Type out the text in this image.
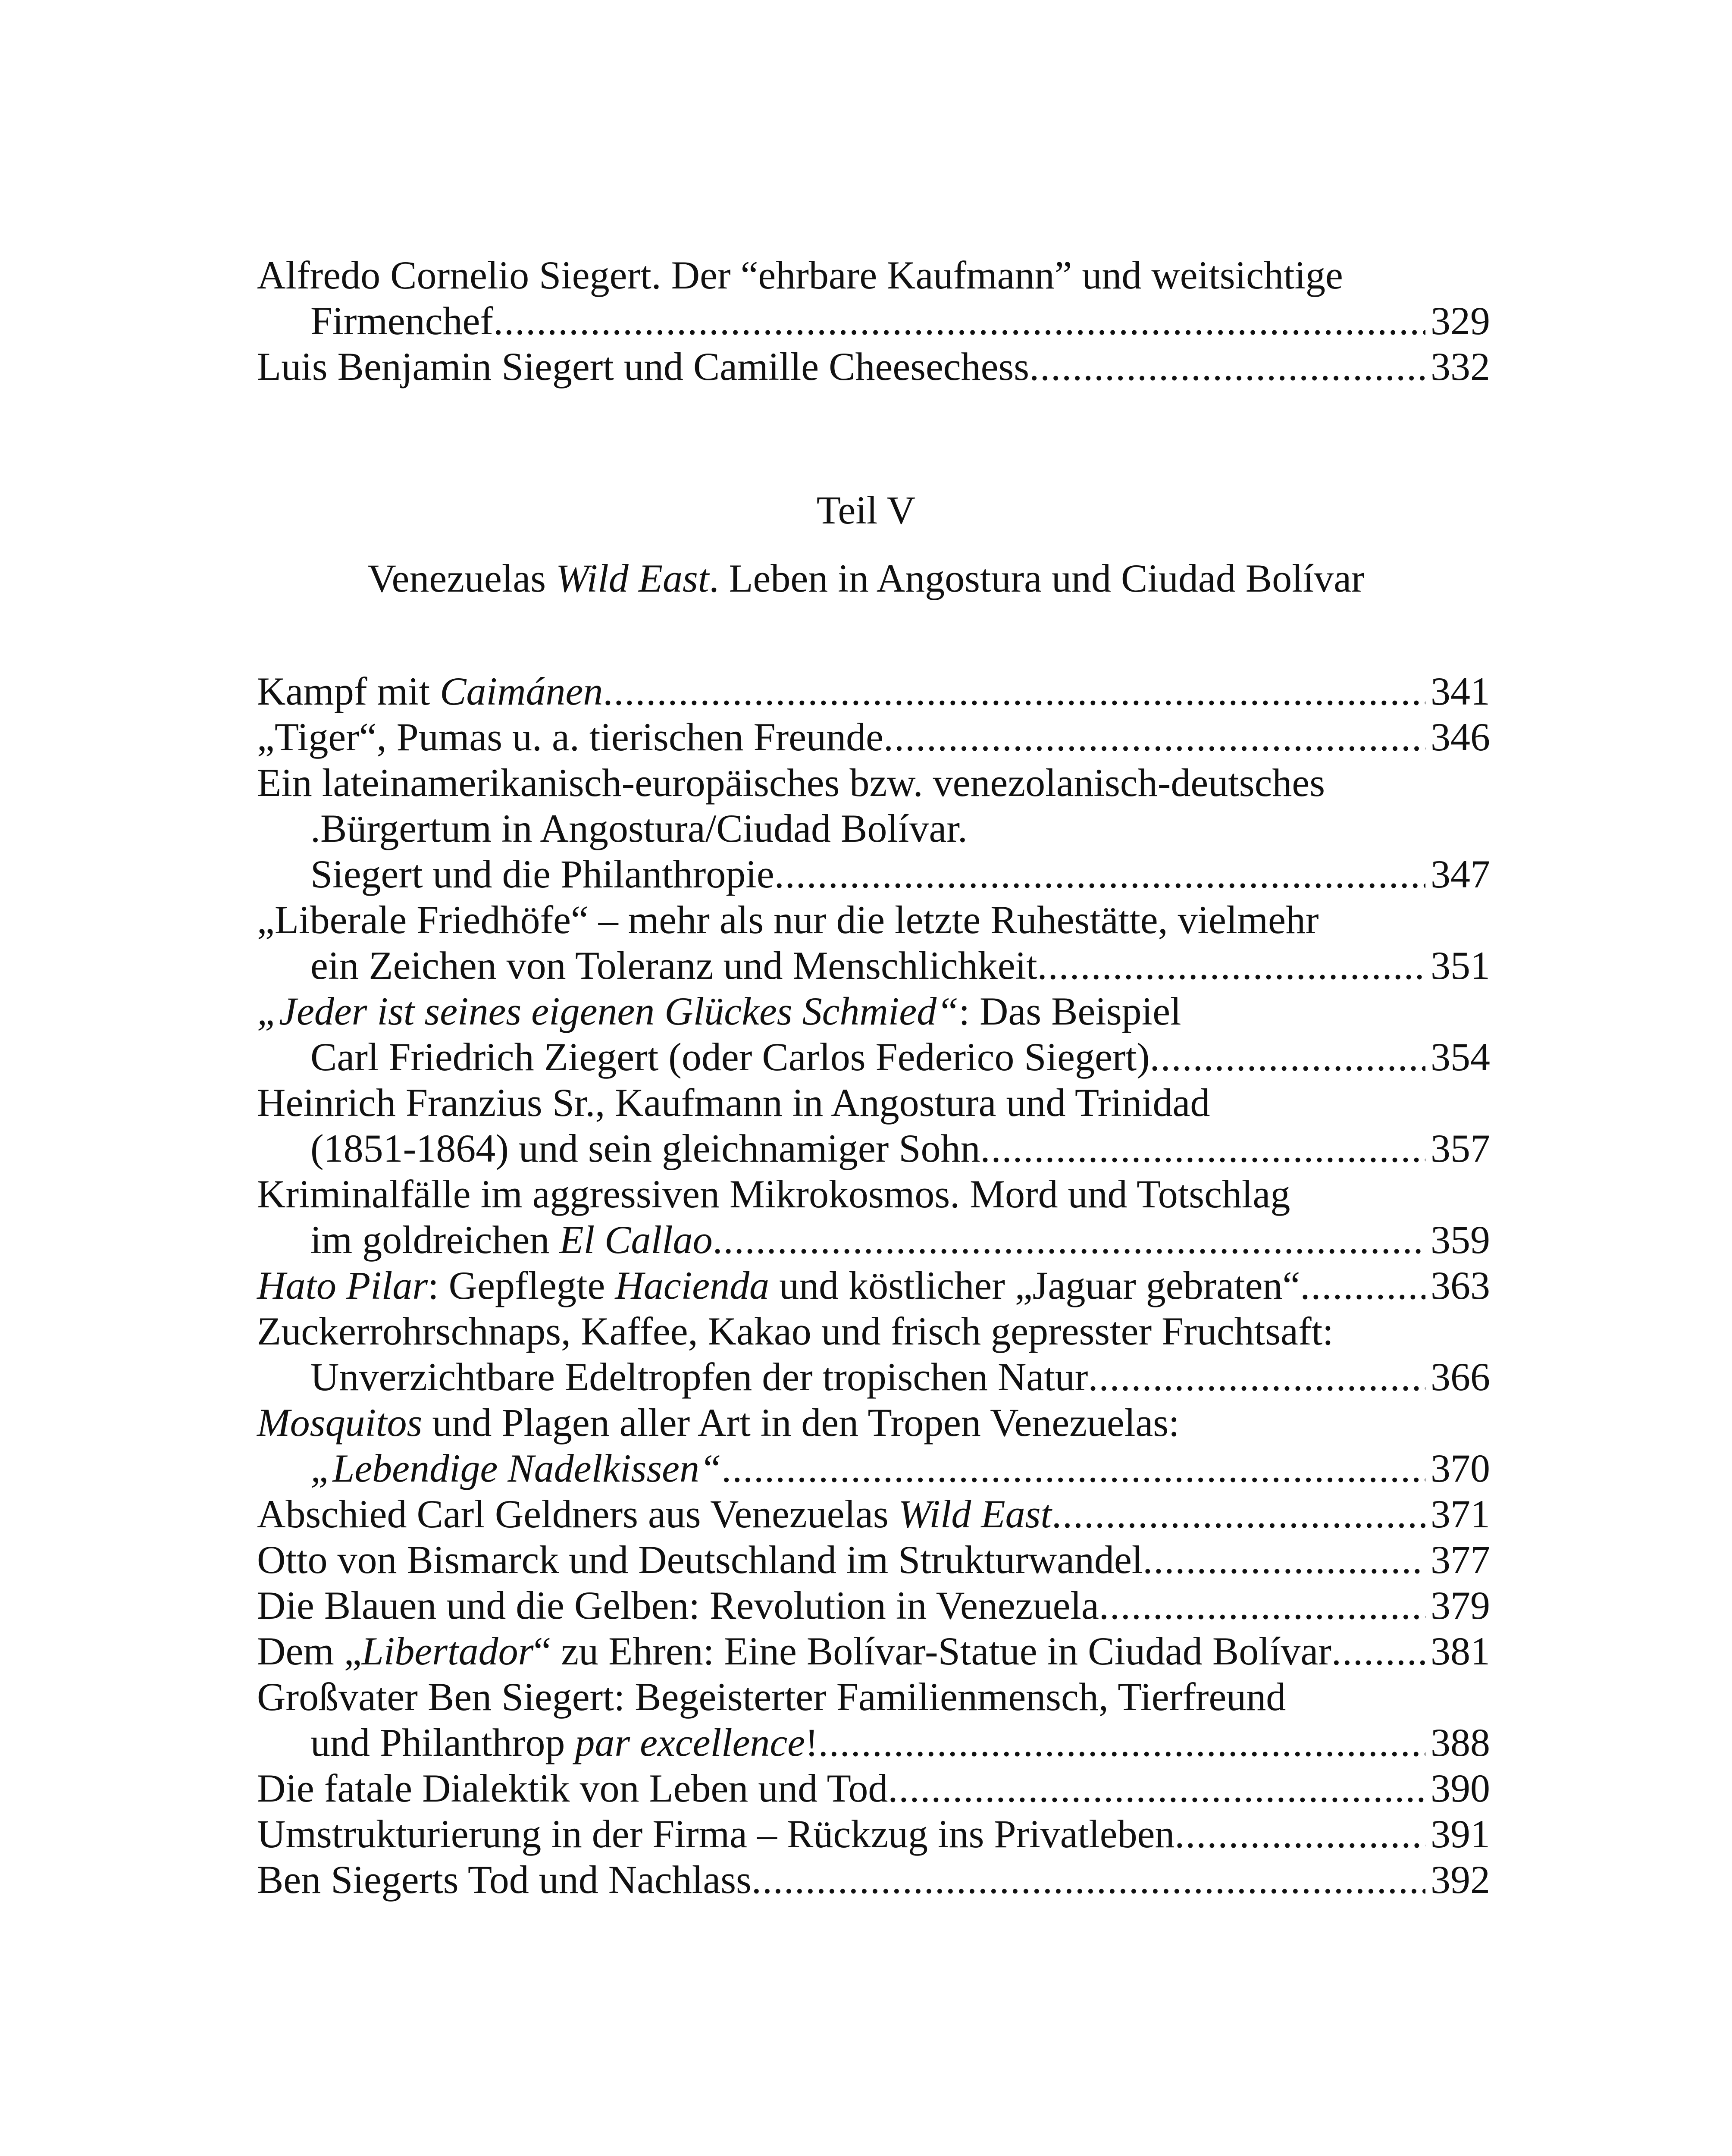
Alfredo Cornelio Siegert. Der “ehrbare Kaufmann” und weitsichtige
Firmenchef .....	329
Luis Benjamin Siegert und Camille Cheesechess .....	332
Teil V
Venezuelas Wild East. Leben in Angostura und Ciudad Bolívar
Kampf mit Caimánen .....	341
„Tiger“, Pumas u. a. tierischen Freunde .....	346
Ein lateinamerikanisch-europäisches bzw. venezolanisch-deutsches
.Bürgertum in Angostura/Ciudad Bolívar.
Siegert und die Philanthropie .....	347
„Liberale Friedhöfe“ – mehr als nur die letzte Ruhestätte, vielmehr
ein Zeichen von Toleranz und Menschlichkeit .....	351
„Jeder ist seines eigenen Glückes Schmied“: Das Beispiel
Carl Friedrich Ziegert (oder Carlos Federico Siegert) .....	354
Heinrich Franzius Sr., Kaufmann in Angostura und Trinidad
(1851-1864) und sein gleichnamiger Sohn .....	357
Kriminalfälle im aggressiven Mikrokosmos. Mord und Totschlag
im goldreichen El Callao .....	359
Hato Pilar: Gepflegte Hacienda und köstlicher „Jaguar gebraten“ .....	363
Zuckerrohrschnaps, Kaffee, Kakao und frisch gepresster Fruchtsaft:
Unverzichtbare Edeltropfen der tropischen Natur .....	366
Mosquitos und Plagen aller Art in den Tropen Venezuelas:
„Lebendige Nadelkissen“ .....	370
Abschied Carl Geldners aus Venezuelas Wild East .....	371
Otto von Bismarck und Deutschland im Strukturwandel .....	377
Die Blauen und die Gelben: Revolution in Venezuela .....	379
Dem „Libertador“ zu Ehren: Eine Bolívar-Statue in Ciudad Bolívar .....	381
Großvater Ben Siegert: Begeisterter Familienmensch, Tierfreund
und Philanthrop par excellence! .....	388
Die fatale Dialektik von Leben und Tod .....	390
Umstrukturierung in der Firma – Rückzug ins Privatleben .....	391
Ben Siegerts Tod und Nachlass .....	392
